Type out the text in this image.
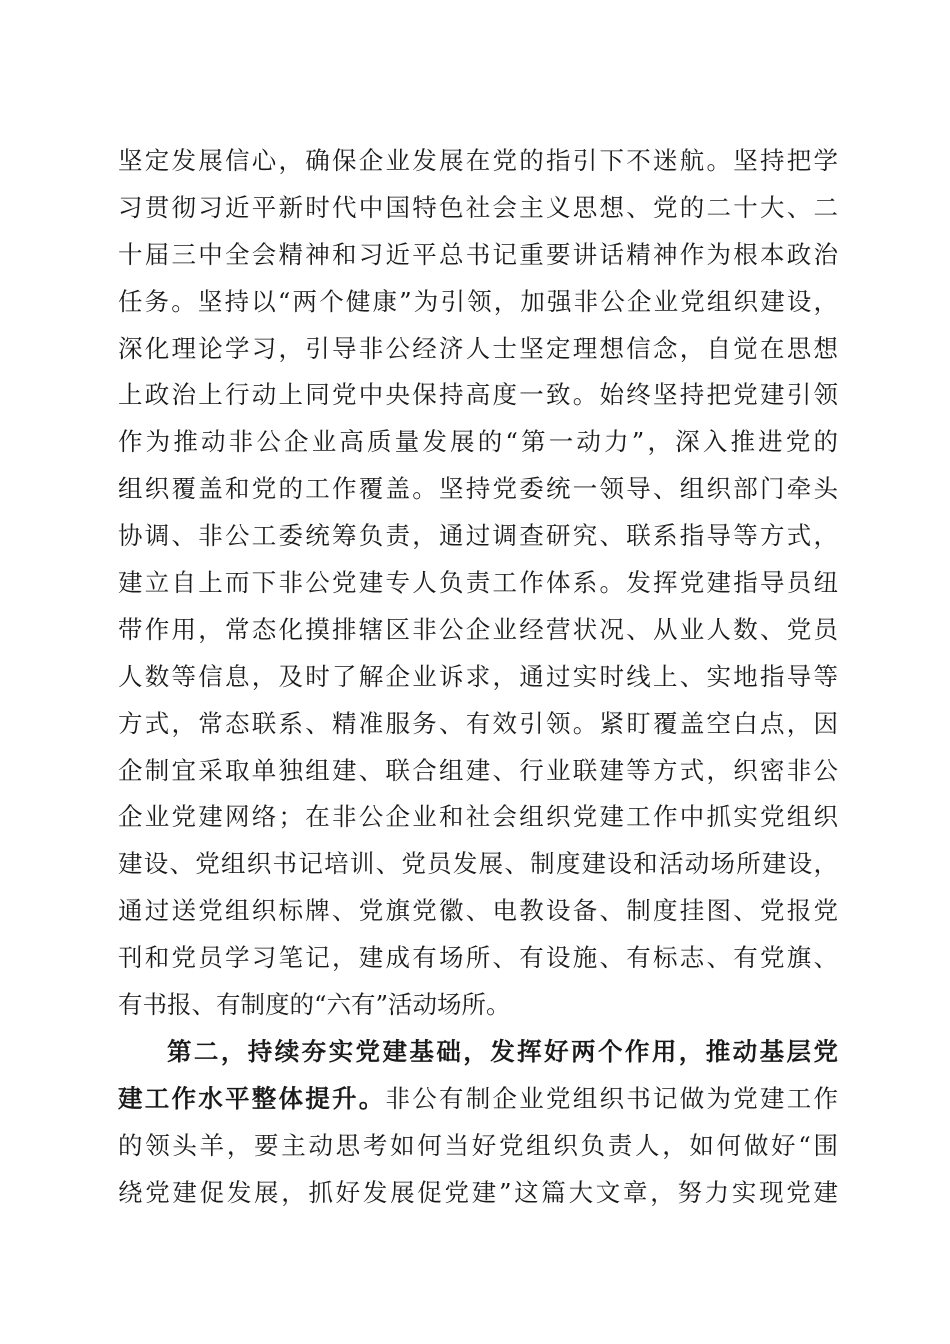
坚定发展信心，确保企业发展在党的指引下不迷航。坚持把学
习贯彻习近平新时代中国特色社会主义思想、党的二十大、二
十届三中全会精神和习近平总书记重要讲话精神作为根本政治
任务。坚持以“两个健康”为引领，加强非公企业党组织建设，
深化理论学习，引导非公经济人士坚定理想信念，自觉在思想
上政治上行动上同党中央保持高度一致。始终坚持把党建引领
作为推动非公企业高质量发展的“第一动力”，深入推进党的
组织覆盖和党的工作覆盖。坚持党委统一领导、组织部门牵头
协调、非公工委统筹负责，通过调查研究、联系指导等方式，
建立自上而下非公党建专人负责工作体系。发挥党建指导员纽
带作用，常态化摸排辖区非公企业经营状况、从业人数、党员
人数等信息，及时了解企业诉求，通过实时线上、实地指导等
方式，常态联系、精准服务、有效引领。紧盯覆盖空白点，因
企制宜采取单独组建、联合组建、行业联建等方式，织密非公
企业党建网络；在非公企业和社会组织党建工作中抓实党组织
建设、党组织书记培训、党员发展、制度建设和活动场所建设，
通过送党组织标牌、党旗党徽、电教设备、制度挂图、党报党
刊和党员学习笔记，建成有场所、有设施、有标志、有党旗、
有书报、有制度的“六有”活动场所。
第二，持续夯实党建基础，发挥好两个作用，推动基层党
建工作水平整体提升。非公有制企业党组织书记做为党建工作
的领头羊，要主动思考如何当好党组织负责人，如何做好“围
绕党建促发展，抓好发展促党建”这篇大文章，努力实现党建
